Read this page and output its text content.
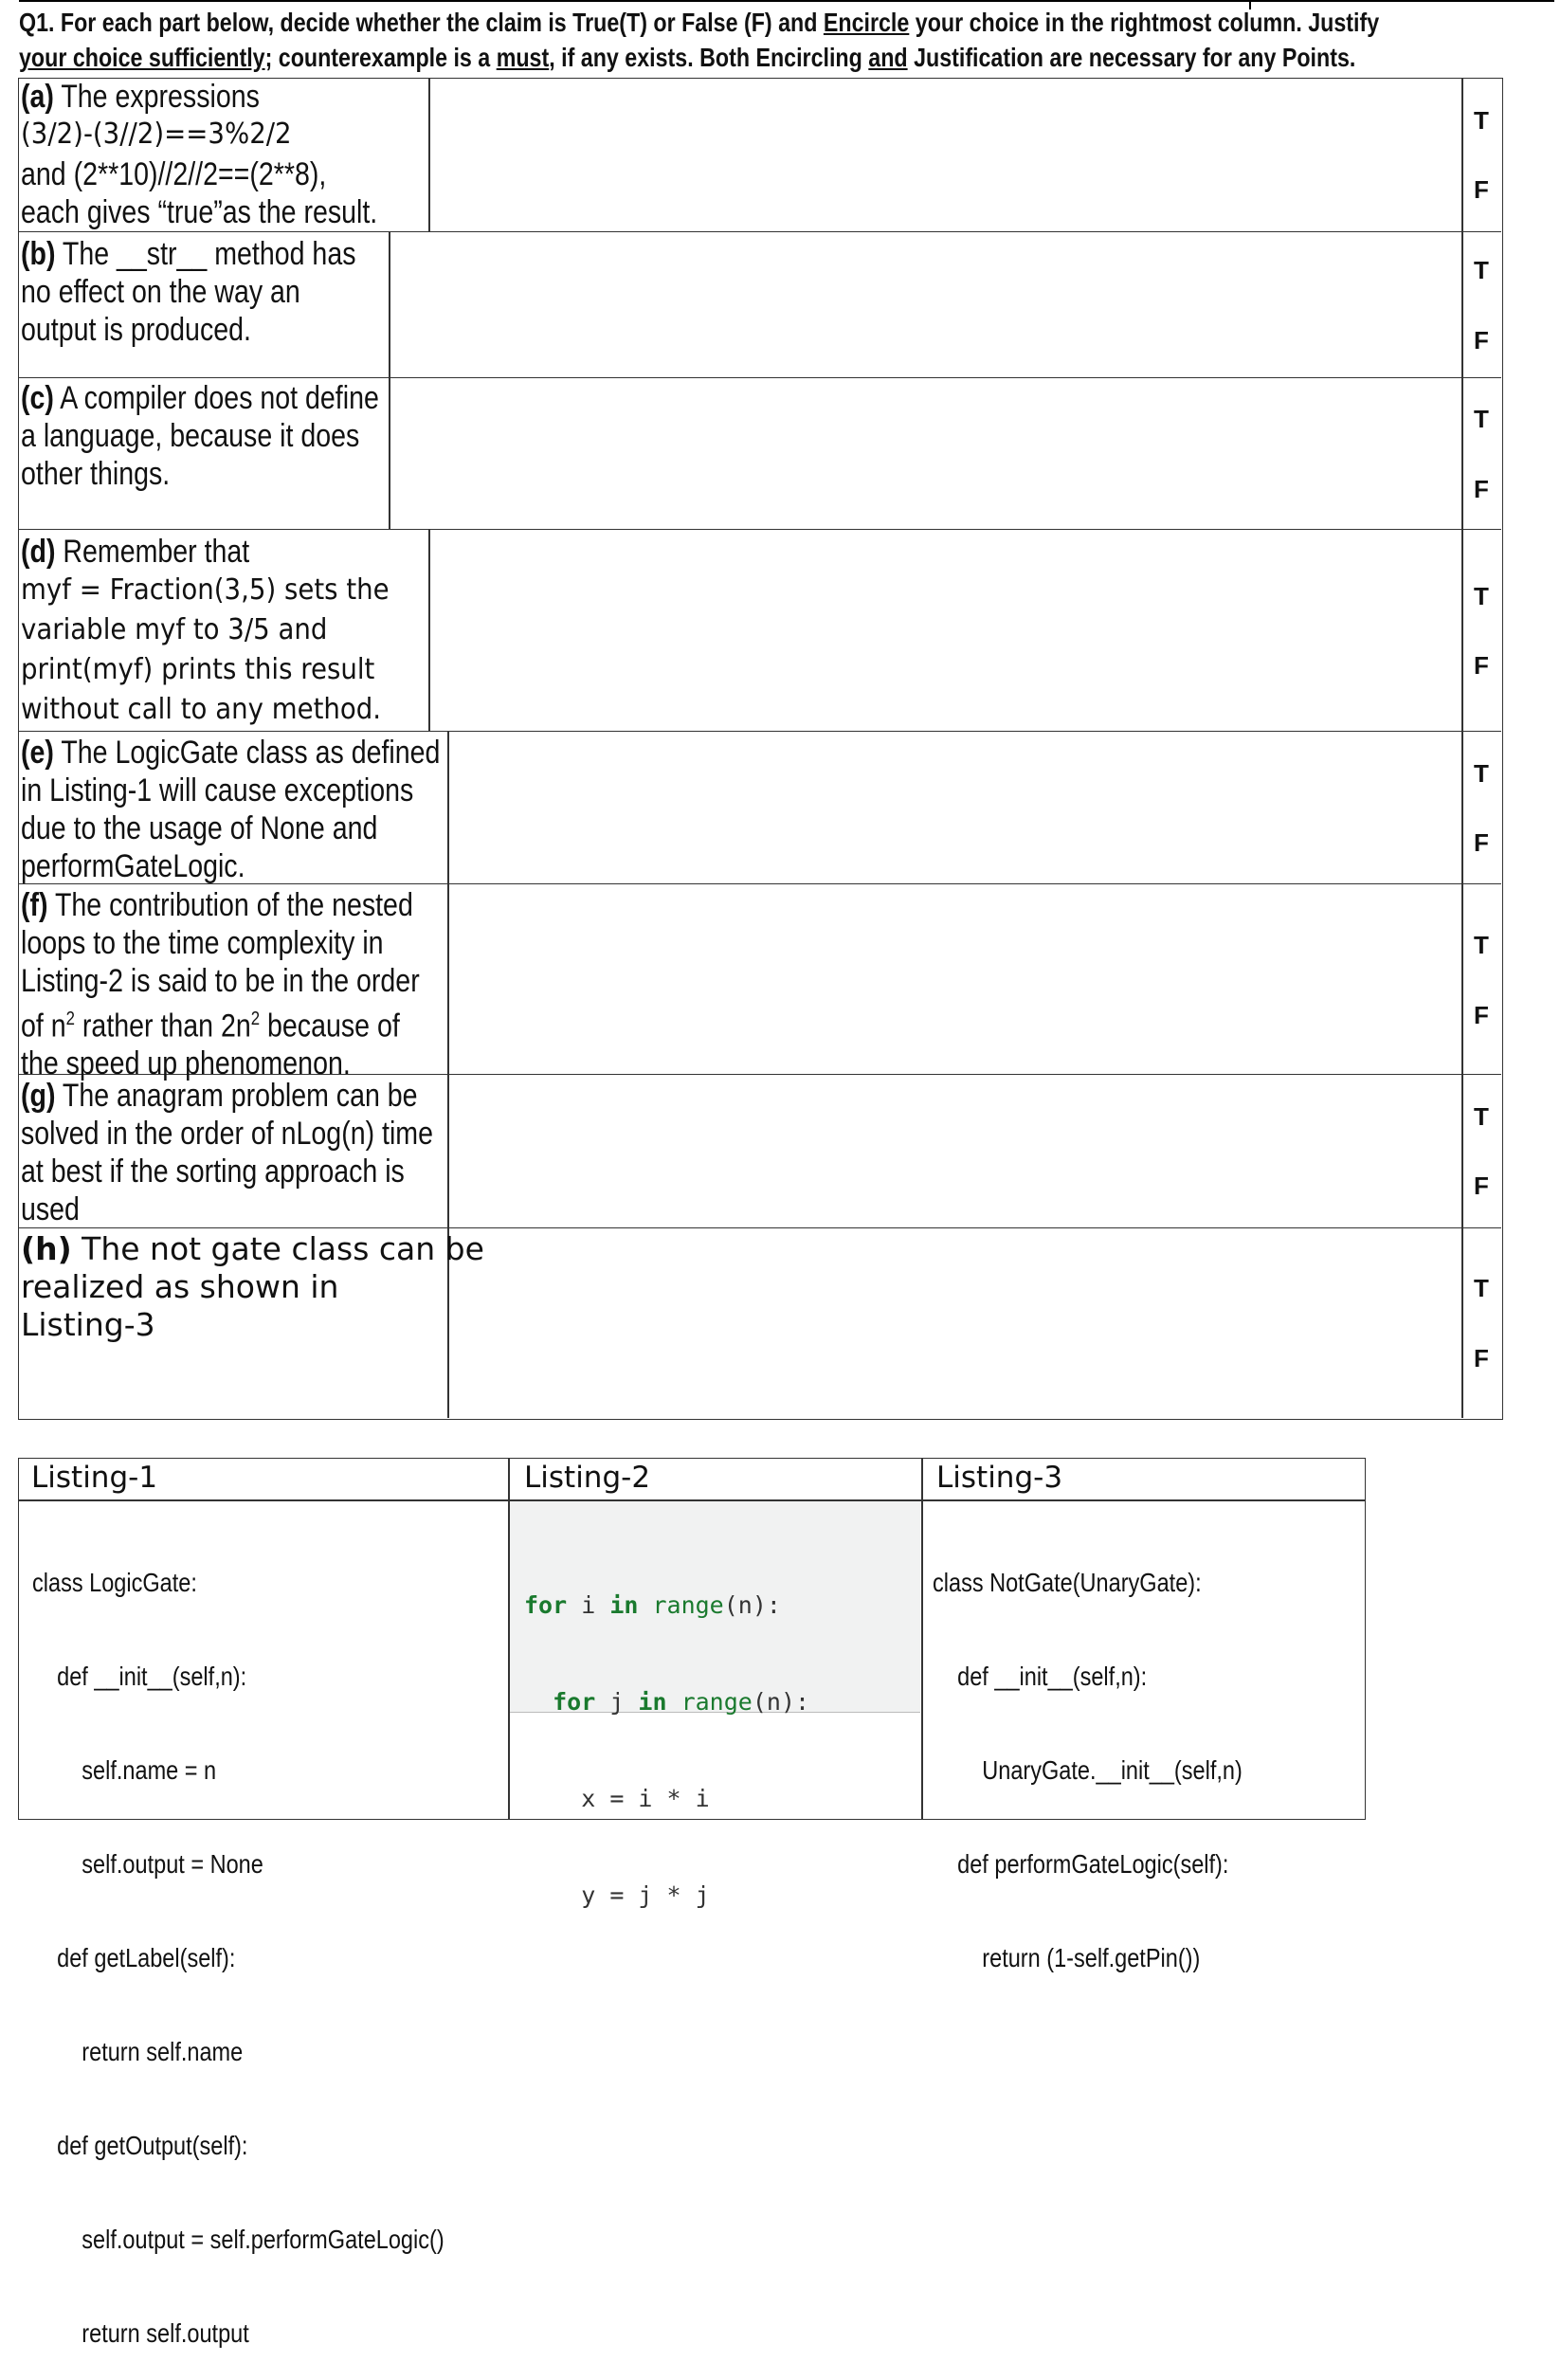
Q1. For each part below, decide whether the claim is True(T) or False (F) and Encircle your choice in the rightmost column. Justify
your choice sufficiently; counterexample is a must, if any exists. Both Encircling and Justification are necessary for any Points.
(a) The expressions
(3/2)-(3//2)==3%2/2
and (2**10)//2//2==(2**8),
each gives “true”as the result.
T
F
(b) The __str__ method has
no effect on the way an
output is produced.
T
F
(c) A compiler does not define
a language, because it does
other things.
T
F
(d) Remember that
myf = Fraction(3,5) sets the
variable myf to 3/5 and
print(myf) prints this result
without call to any method.
T
F
(e) The LogicGate class as defined
in Listing-1 will cause exceptions
due to the usage of None and
performGateLogic.
T
F
(f) The contribution of the nested
loops to the time complexity in
Listing-2 is said to be in the order
of $n^2$ rather than $2n^2$ because of
the speed up phenomenon.
T
F
(g) The anagram problem can be
solved in the order of nLog(n) time
at best if the sorting approach is
used
T
F
(h) The not gate class can be
realized as shown in
Listing-3
T
F
Listing-1	Listing-2	Listing-3

class LogicGate:

def __init__(self,n):

self.name = n

self.output = None

def getLabel(self):

return self.name

def getOutput(self):

self.output = self.performGateLogic()

return self.output

for i in range(n):

for j in range(n):

x = i * i

y = j * j

class NotGate(UnaryGate):

def __init__(self,n):

UnaryGate.__init__(self,n)

def performGateLogic(self):

return (1-self.getPin())
